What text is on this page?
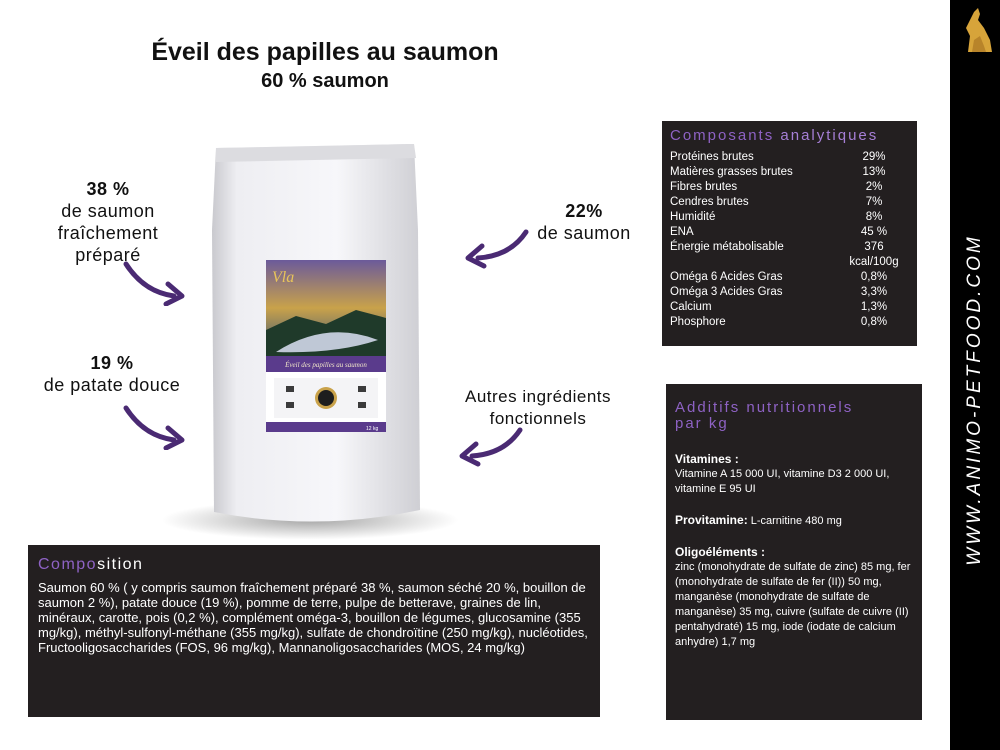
Éveil des papilles au saumon
60 % saumon
WWW.ANIMO-PETFOOD.COM
38 %
de saumon fraîchement préparé
19 %
de patate douce
22%
de saumon
Autres ingrédients fonctionnels
Vla
Éveil des papilles au saumon
12 kg
Composants analytiques
Protéines brutes	29%
Matières grasses brutes	13%
Fibres brutes	2%
Cendres brutes	7%
Humidité	8%
ENA	45 %
Énergie métabolisable	376 kcal/100g
Oméga 6 Acides Gras	0,8%
Oméga 3 Acides Gras	3,3%
Calcium	1,3%
Phosphore	0,8%
Additifs nutritionnels
par kg
Vitamines :

Vitamine A 15 000 UI, vitamine D3 2 000 UI, vitamine E 95 UI

Provitamine: L-carnitine 480 mg

Oligoéléments :

zinc (monohydrate de sulfate de zinc) 85 mg, fer (monohydrate de sulfate de fer (II)) 50 mg, manganèse (monohydrate de sulfate de manganèse) 35 mg, cuivre (sulfate de cuivre (II) pentahydraté) 15 mg, iode (iodate de calcium anhydre) 1,7 mg

Composition
Saumon 60 % ( y compris saumon fraîchement préparé 38 %, saumon séché 20 %, bouillon de saumon 2 %), patate douce (19 %), pomme de terre, pulpe de betterave, graines de lin, minéraux, carotte, pois (0,2 %), complément oméga-3, bouillon de légumes, glucosamine (355 mg/kg), méthyl-sulfonyl-méthane (355 mg/kg), sulfate de chondroïtine (250 mg/kg), nucléotides, Fructooligosaccharides (FOS, 96 mg/kg), Mannanoligosaccharides (MOS, 24 mg/kg)
